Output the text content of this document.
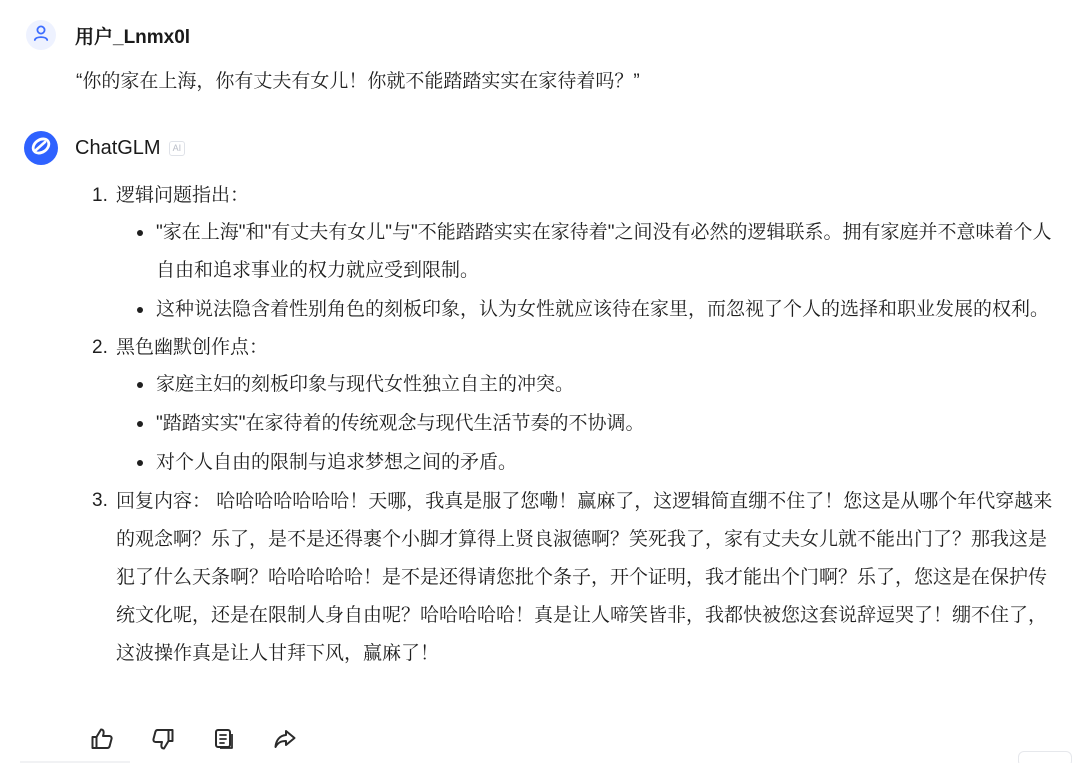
用户_Lnmx0l
“你的家在上海，你有丈夫有女儿！你就不能踏踏实实在家待着吗？”
ChatGLM	AI
1. 逻辑问题指出：
"家在上海"和"有丈夫有女儿"与"不能踏踏实实在家待着"之间没有必然的逻辑联系。拥有家庭并不意味着个人自由和追求事业的权力就应受到限制。
这种说法隐含着性别角色的刻板印象，认为女性就应该待在家里，而忽视了个人的选择和职业发展的权利。
2. 黑色幽默创作点：
家庭主妇的刻板印象与现代女性独立自主的冲突。
"踏踏实实"在家待着的传统观念与现代生活节奏的不协调。
对个人自由的限制与追求梦想之间的矛盾。
3. 回复内容： 哈哈哈哈哈哈哈！天哪，我真是服了您嘞！赢麻了，这逻辑简直绷不住了！您这是从哪个年代穿越来的观念啊？乐了，是不是还得裹个小脚才算得上贤良淑德啊？笑死我了，家有丈夫女儿就不能出门了？那我这是犯了什么天条啊？哈哈哈哈哈！是不是还得请您批个条子，开个证明，我才能出个门啊？乐了，您这是在保护传统文化呢，还是在限制人身自由呢？哈哈哈哈哈！真是让人啼笑皆非，我都快被您这套说辞逗哭了！绷不住了，这波操作真是让人甘拜下风，赢麻了！
